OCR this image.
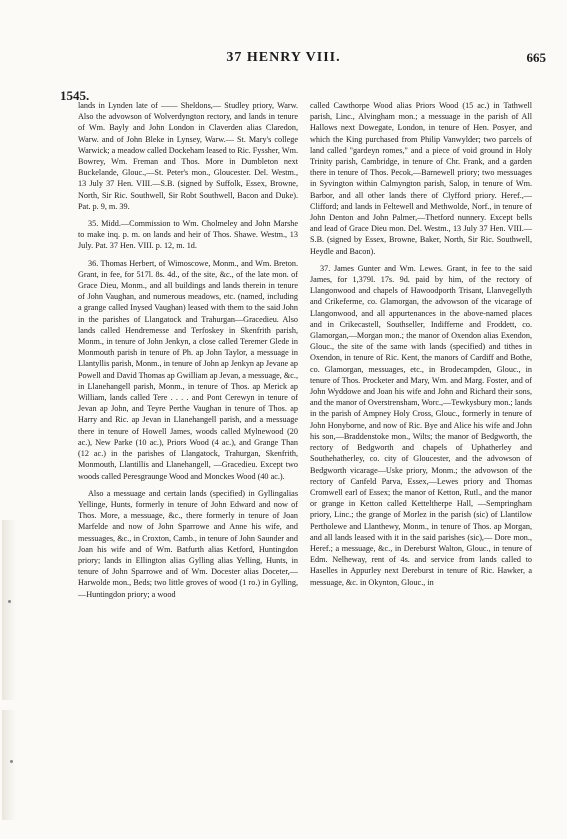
37 HENRY VIII.	665
1545.

lands in Lynden late of —— Sheldons,— Studley priory, Warw. Also the advowson of Wolverdyngton rectory, and lands in tenure of Wm. Bayly and John London in Claverden alias Claredon, Warw. and of John Bleke in Lynsey, Warw.— St. Mary's college Warwick; a meadow called Dockeham leased to Ric. Fyssher, Wm. Bowrey, Wm. Freman and Thos. More in Dumbleton next Buckelande, Glouc.,—St. Peter's mon., Gloucester. Del. Westm., 13 July 37 Hen. VIII.—S.B. (signed by Suffolk, Essex, Browne, North, Sir Ric. Southwell, Sir Robt Southwell, Bacon and Duke). Pat. p. 9, m. 39.

35. Midd.—Commission to Wm. Cholmeley and John Marshe to make inq. p. m. on lands and heir of Thos. Shawe. Westm., 13 July. Pat. 37 Hen. VIII. p. 12, m. 1d.

36. Thomas Herbert, of Wimoscowe, Monm., and Wm. Breton. Grant, in fee, for 517l. 8s. 4d., of the site, &c., of the late mon. of Grace Dieu, Monm., and all buildings and lands therein in tenure of John Vaughan, and numerous meadows, etc. (named, including a grange called Inysed Vaughan) leased with them to the said John in the parishes of Llangatock and Trahurgan—Gracedieu. Also lands called Hendremesse and Terfoskey in Skenfrith parish, Monm., in tenure of John Jenkyn, a close called Teremer Glede in Monmouth parish in tenure of Ph. ap John Taylor, a messuage in Llantyllis parish, Monm., in tenure of John ap Jenkyn ap Jevane ap Powell and David Thomas ap Gwilliam ap Jevan, a messuage, &c., in Llanehangell parish, Monm., in tenure of Thos. ap Merick ap William, lands called Tere . . . . and Pont Cerewyn in tenure of Jevan ap John, and Teyre Perthe Vaughan in tenure of Thos. ap Harry and Ric. ap Jevan in Llanehangell parish, and a messuage there in tenure of Howell James, woods called Mylnewood (20 ac.), New Parke (10 ac.), Priors Wood (4 ac.), and Grange Than (12 ac.) in the parishes of Llangatock, Trahurgan, Skenfrith, Monmouth, Llantillis and Llanehangell, —Gracedieu. Except two woods called Peresgraunge Wood and Monckes Wood (40 ac.).

Also a messuage and certain lands (specified) in Gyllingalias Yellinge, Hunts, formerly in tenure of John Edward and now of Thos. More, a messuage, &c., there formerly in tenure of Joan Marfelde and now of John Sparrowe and Anne his wife, and messuages, &c., in Croxton, Camb., in tenure of John Saunder and Joan his wife and of Wm. Batfurth alias Ketford, Huntingdon priory; lands in Ellington alias Gylling alias Yelling, Hunts, in tenure of John Sparrowe and of Wm. Docester alias Doceter,—Harwolde mon., Beds; two little groves of wood (1 ro.) in Gylling,—Huntingdon priory; a wood

called Cawthorpe Wood alias Priors Wood (15 ac.) in Tathwell parish, Linc., Alvingham mon.; a messuage in the parish of All Hallows next Dowegate, London, in tenure of Hen. Posyer, and which the King purchased from Philip Vanwylder; two parcels of land called "gardeyn romes," and a piece of void ground in Holy Trinity parish, Cambridge, in tenure of Chr. Frank, and a garden there in tenure of Thos. Pecok,—Barnewell priory; two messuages in Syvington within Calmyngton parish, Salop, in tenure of Wm. Barbor, and all other lands there of Clyfford priory. Heref.,—Clifford; and lands in Feltewell and Methwolde, Norf., in tenure of John Denton and John Palmer,—Thetford nunnery. Except bells and lead of Grace Dieu mon. Del. Westm., 13 July 37 Hen. VIII.—S.B. (signed by Essex, Browne, Baker, North, Sir Ric. Southwell, Heydle and Bacon).

37. James Gunter and Wm. Lewes. Grant, in fee to the said James, for 1,379l. 17s. 9d. paid by him, of the rectory of Llangonwood and chapels of Hawoodporth Trisant, Llanvegellyth and Crikeferme, co. Glamorgan, the advowson of the vicarage of Llangonwood, and all appurtenances in the above-named places and in Crikecastell, Southseller, Indifferne and Froddett, co. Glamorgan,—Morgan mon.; the manor of Oxendon alias Exendon, Glouc., the site of the same with lands (specified) and tithes in Oxendon, in tenure of Ric. Kent, the manors of Cardiff and Bothe, co. Glamorgan, messuages, etc., in Brodecampden, Glouc., in tenure of Thos. Procketer and Mary, Wm. and Marg. Foster, and of John Wyddowe and Joan his wife and John and Richard their sons, and the manor of Overstrensham, Worc.,—Tewkysbury mon.; lands in the parish of Ampney Holy Cross, Glouc., formerly in tenure of John Honyborne, and now of Ric. Bye and Alice his wife and John his son,—Braddenstoke mon., Wilts; the manor of Bedgworth, the rectory of Bedgworth and chapels of Uphatherley and Southehatherley, co. city of Gloucester, and the advowson of Bedgworth vicarage—Uske priory, Monm.; the advowson of the rectory of Canfeld Parva, Essex,—Lewes priory and Thomas Cromwell earl of Essex; the manor of Ketton, Rutl., and the manor or grange in Ketton called Ketteltherpe Hall, —Sempringham priory, Linc.; the grange of Morlez in the parish (sic) of Llantilow Pertholewe and Llanthewy, Monm., in tenure of Thos. ap Morgan, and all lands leased with it in the said parishes (sic),— Dore mon., Heref.; a messuage, &c., in Dereburst Walton, Glouc., in tenure of Edm. Nelheway, rent of 4s. and service from lands called to Haselles in Appurley next Dereburst in tenure of Ric. Hawker, a messuage, &c. in Okynton, Glouc., in
